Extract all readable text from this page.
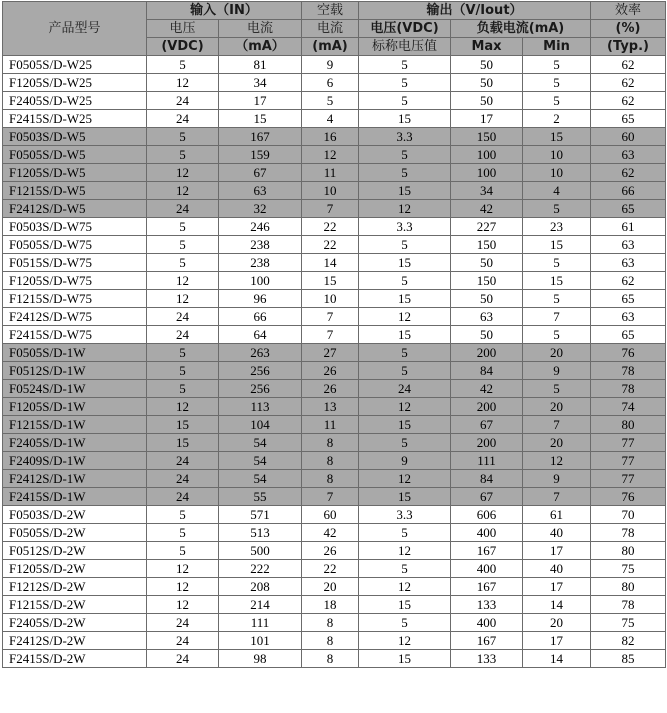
产品型号	输入（IN）		空载	输出（V/Iout）			效率
	电压	电流	电流	电压(VDC)	负载电流(mA)		(%)
	(VDC)	（mA）	(mA)	标称电压值	Max	Min	(Typ.)
F0505S/D-W25	5	81	9	5	50	5	62
F1205S/D-W25	12	34	6	5	50	5	62
F2405S/D-W25	24	17	5	5	50	5	62
F2415S/D-W25	24	15	4	15	17	2	65
F0503S/D-W5	5	167	16	3.3	150	15	60
F0505S/D-W5	5	159	12	5	100	10	63
F1205S/D-W5	12	67	11	5	100	10	62
F1215S/D-W5	12	63	10	15	34	4	66
F2412S/D-W5	24	32	7	12	42	5	65
F0503S/D-W75	5	246	22	3.3	227	23	61
F0505S/D-W75	5	238	22	5	150	15	63
F0515S/D-W75	5	238	14	15	50	5	63
F1205S/D-W75	12	100	15	5	150	15	62
F1215S/D-W75	12	96	10	15	50	5	65
F2412S/D-W75	24	66	7	12	63	7	63
F2415S/D-W75	24	64	7	15	50	5	65
F0505S/D-1W	5	263	27	5	200	20	76
F0512S/D-1W	5	256	26	5	84	9	78
F0524S/D-1W	5	256	26	24	42	5	78
F1205S/D-1W	12	113	13	12	200	20	74
F1215S/D-1W	15	104	11	15	67	7	80
F2405S/D-1W	15	54	8	5	200	20	77
F2409S/D-1W	24	54	8	9	111	12	77
F2412S/D-1W	24	54	8	12	84	9	77
F2415S/D-1W	24	55	7	15	67	7	76
F0503S/D-2W	5	571	60	3.3	606	61	70
F0505S/D-2W	5	513	42	5	400	40	78
F0512S/D-2W	5	500	26	12	167	17	80
F1205S/D-2W	12	222	22	5	400	40	75
F1212S/D-2W	12	208	20	12	167	17	80
F1215S/D-2W	12	214	18	15	133	14	78
F2405S/D-2W	24	111	8	5	400	20	75
F2412S/D-2W	24	101	8	12	167	17	82
F2415S/D-2W	24	98	8	15	133	14	85
